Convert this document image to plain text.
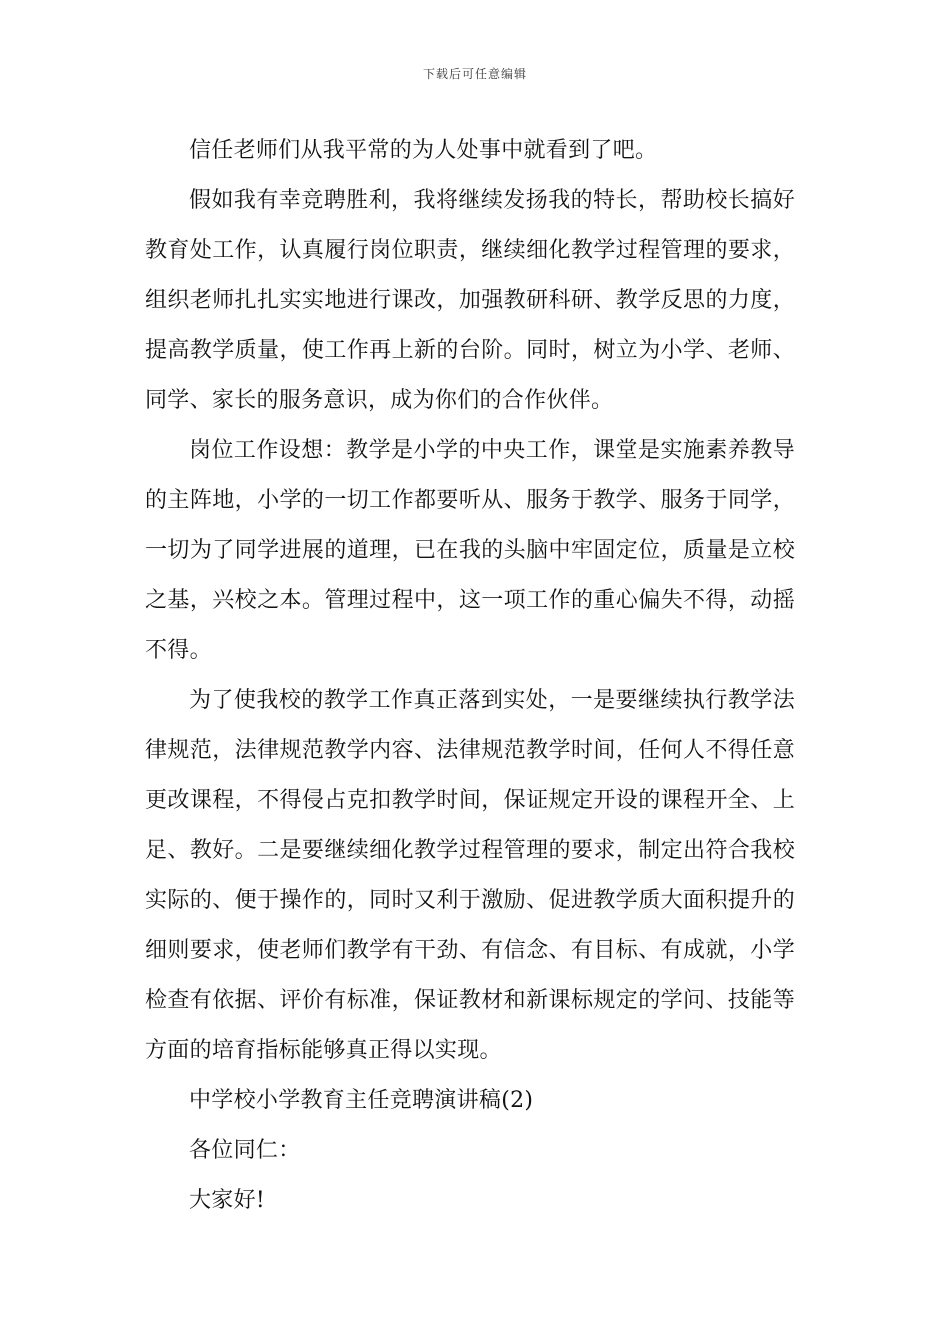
下载后可任意编辑

信任老师们从我平常的为人处事中就看到了吧。

假如我有幸竞聘胜利，我将继续发扬我的特长，帮助校长搞好教育处工作，认真履行岗位职责，继续细化教学过程管理的要求，组织老师扎扎实实地进行课改，加强教研科研、教学反思的力度，提高教学质量，使工作再上新的台阶。同时，树立为小学、老师、同学、家长的服务意识，成为你们的合作伙伴。

岗位工作设想：教学是小学的中央工作，课堂是实施素养教导的主阵地，小学的一切工作都要听从、服务于教学、服务于同学，一切为了同学进展的道理，已在我的头脑中牢固定位，质量是立校之基，兴校之本。管理过程中，这一项工作的重心偏失不得，动摇不得。

为了使我校的教学工作真正落到实处，一是要继续执行教学法律规范，法律规范教学内容、法律规范教学时间，任何人不得任意更改课程，不得侵占克扣教学时间，保证规定开设的课程开全、上足、教好。二是要继续细化教学过程管理的要求，制定出符合我校实际的、便于操作的，同时又利于激励、促进教学质大面积提升的细则要求，使老师们教学有干劲、有信念、有目标、有成就，小学检查有依据、评价有标准，保证教材和新课标规定的学问、技能等方面的培育指标能够真正得以实现。

中学校小学教育主任竞聘演讲稿(2)

各位同仁：

大家好!
